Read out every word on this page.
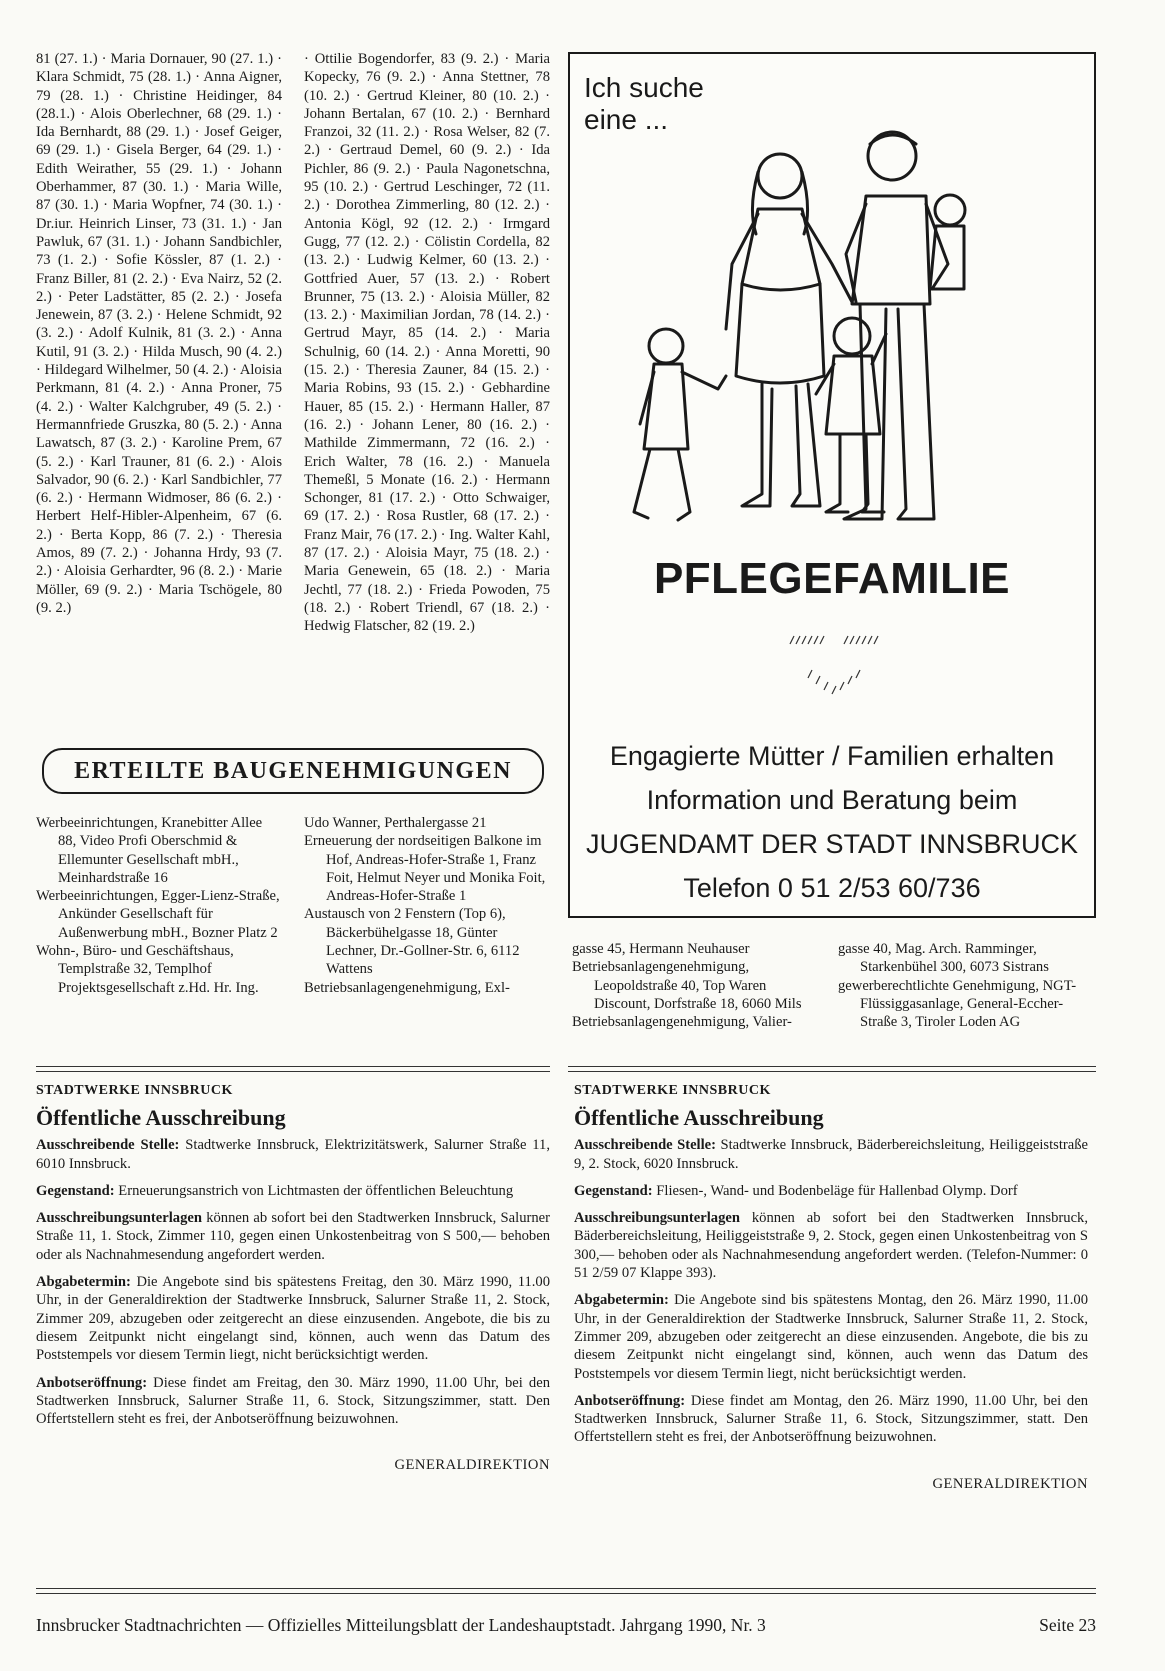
81 (27. 1.) · Maria Dornauer, 90 (27. 1.) · Klara Schmidt, 75 (28. 1.) · Anna Aigner, 79 (28. 1.) · Christine Heidinger, 84 (28.1.) · Alois Oberlechner, 68 (29. 1.) · Ida Bernhardt, 88 (29. 1.) · Josef Geiger, 69 (29. 1.) · Gisela Berger, 64 (29. 1.) · Edith Weirather, 55 (29. 1.) · Johann Oberhammer, 87 (30. 1.) · Maria Wille, 87 (30. 1.) · Maria Wopfner, 74 (30. 1.) · Dr.iur. Heinrich Linser, 73 (31. 1.) · Jan Pawluk, 67 (31. 1.) · Johann Sandbichler, 73 (1. 2.) · Sofie Kössler, 87 (1. 2.) · Franz Biller, 81 (2. 2.) · Eva Nairz, 52 (2. 2.) · Peter Ladstätter, 85 (2. 2.) · Josefa Jenewein, 87 (3. 2.) · Helene Schmidt, 92 (3. 2.) · Adolf Kulnik, 81 (3. 2.) · Anna Kutil, 91 (3. 2.) · Hilda Musch, 90 (4. 2.) · Hildegard Wilhelmer, 50 (4. 2.) · Aloisia Perkmann, 81 (4. 2.) · Anna Proner, 75 (4. 2.) · Walter Kalchgruber, 49 (5. 2.) · Hermannfriede Gruszka, 80 (5. 2.) · Anna Lawatsch, 87 (3. 2.) · Karoline Prem, 67 (5. 2.) · Karl Trauner, 81 (6. 2.) · Alois Salvador, 90 (6. 2.) · Karl Sandbichler, 77 (6. 2.) · Hermann Widmoser, 86 (6. 2.) · Herbert Helf-Hibler-Alpenheim, 67 (6. 2.) · Berta Kopp, 86 (7. 2.) · Theresia Amos, 89 (7. 2.) · Johanna Hrdy, 93 (7. 2.) · Aloisia Gerhardter, 96 (8. 2.) · Marie Möller, 69 (9. 2.) · Maria Tschögele, 80 (9. 2.)

· Ottilie Bogendorfer, 83 (9. 2.) · Maria Kopecky, 76 (9. 2.) · Anna Stettner, 78 (10. 2.) · Gertrud Kleiner, 80 (10. 2.) · Johann Bertalan, 67 (10. 2.) · Bernhard Franzoi, 32 (11. 2.) · Rosa Welser, 82 (7. 2.) · Gertraud Demel, 60 (9. 2.) · Ida Pichler, 86 (9. 2.) · Paula Nagonetschna, 95 (10. 2.) · Gertrud Leschinger, 72 (11. 2.) · Dorothea Zimmerling, 80 (12. 2.) · Antonia Kögl, 92 (12. 2.) · Irmgard Gugg, 77 (12. 2.) · Cölistin Cordella, 82 (13. 2.) · Ludwig Kelmer, 60 (13. 2.) · Gottfried Auer, 57 (13. 2.) · Robert Brunner, 75 (13. 2.) · Aloisia Müller, 82 (13. 2.) · Maximilian Jordan, 78 (14. 2.) · Gertrud Mayr, 85 (14. 2.) · Maria Schulnig, 60 (14. 2.) · Anna Moretti, 90 (15. 2.) · Theresia Zauner, 84 (15. 2.) · Maria Robins, 93 (15. 2.) · Gebhardine Hauer, 85 (15. 2.) · Hermann Haller, 87 (16. 2.) · Johann Lener, 80 (16. 2.) · Mathilde Zimmermann, 72 (16. 2.) · Erich Walter, 78 (16. 2.) · Manuela Themeßl, 5 Monate (16. 2.) · Hermann Schonger, 81 (17. 2.) · Otto Schwaiger, 69 (17. 2.) · Rosa Rustler, 68 (17. 2.) · Franz Mair, 76 (17. 2.) · Ing. Walter Kahl, 87 (17. 2.) · Aloisia Mayr, 75 (18. 2.) · Maria Genewein, 65 (18. 2.) · Maria Jechtl, 77 (18. 2.) · Frieda Powoden, 75 (18. 2.) · Robert Triendl, 67 (18. 2.) · Hedwig Flatscher, 82 (19. 2.)

Ich suche
eine ...
PFLEGEFAMILIE
Engagierte Mütter / Familien erhalten
Information und Beratung beim
JUGENDAMT DER STADT INNSBRUCK
Telefon 0 51 2/53 60/736
ERTEILTE BAUGENEHMIGUNGEN

Werbeeinrichtungen, Kranebitter Allee 88, Video Profi Oberschmid & Ellemunter Gesellschaft mbH., Meinhardstraße 16

Werbeeinrichtungen, Egger-Lienz-Straße, Ankünder Gesellschaft für Außenwerbung mbH., Bozner Platz 2

Wohn-, Büro- und Geschäftshaus, Templstraße 32, Templhof Projektsgesellschaft z.Hd. Hr. Ing.

Udo Wanner, Perthalergasse 21

Erneuerung der nordseitigen Balkone im Hof, Andreas-Hofer-Straße 1, Franz Foit, Helmut Neyer und Monika Foit, Andreas-Hofer-Straße 1

Austausch von 2 Fenstern (Top 6), Bäckerbühelgasse 18, Günter Lechner, Dr.-Gollner-Str. 6, 6112 Wattens

Betriebsanlagengenehmigung, Exl-

gasse 45, Hermann Neuhauser

Betriebsanlagengenehmigung, Leopoldstraße 40, Top Waren Discount, Dorfstraße 18, 6060 Mils

Betriebsanlagengenehmigung, Valier-

gasse 40, Mag. Arch. Ramminger, Starkenbühel 300, 6073 Sistrans

gewerberechtlichte Genehmigung, NGT-Flüssiggasanlage, General-Eccher-Straße 3, Tiroler Loden AG

STADTWERKE INNSBRUCK
Öffentliche Ausschreibung

Ausschreibende Stelle: Stadtwerke Innsbruck, Elektrizitätswerk, Salurner Straße 11, 6010 Innsbruck.

Gegenstand: Erneuerungsanstrich von Lichtmasten der öffentlichen Beleuchtung

Ausschreibungsunterlagen können ab sofort bei den Stadtwerken Innsbruck, Salurner Straße 11, 1. Stock, Zimmer 110, gegen einen Unkostenbeitrag von S 500,— behoben oder als Nachnahmesendung angefordert werden.

Abgabetermin: Die Angebote sind bis spätestens Freitag, den 30. März 1990, 11.00 Uhr, in der Generaldirektion der Stadtwerke Innsbruck, Salurner Straße 11, 2. Stock, Zimmer 209, abzugeben oder zeitgerecht an diese einzusenden. Angebote, die bis zu diesem Zeitpunkt nicht eingelangt sind, können, auch wenn das Datum des Poststempels vor diesem Termin liegt, nicht berücksichtigt werden.

Anbotseröffnung: Diese findet am Freitag, den 30. März 1990, 11.00 Uhr, bei den Stadtwerken Innsbruck, Salurner Straße 11, 6. Stock, Sitzungszimmer, statt. Den Offertstellern steht es frei, der Anbotseröffnung beizuwohnen.

GENERALDIREKTION
STADTWERKE INNSBRUCK
Öffentliche Ausschreibung

Ausschreibende Stelle: Stadtwerke Innsbruck, Bäderbereichsleitung, Heiliggeiststraße 9, 2. Stock, 6020 Innsbruck.

Gegenstand: Fliesen-, Wand- und Bodenbeläge für Hallenbad Olymp. Dorf

Ausschreibungsunterlagen können ab sofort bei den Stadtwerken Innsbruck, Bäderbereichsleitung, Heiliggeiststraße 9, 2. Stock, gegen einen Unkostenbeitrag von S 300,— behoben oder als Nachnahmesendung angefordert werden. (Telefon-Nummer: 0 51 2/59 07 Klappe 393).

Abgabetermin: Die Angebote sind bis spätestens Montag, den 26. März 1990, 11.00 Uhr, in der Generaldirektion der Stadtwerke Innsbruck, Salurner Straße 11, 2. Stock, Zimmer 209, abzugeben oder zeitgerecht an diese einzusenden. Angebote, die bis zu diesem Zeitpunkt nicht eingelangt sind, können, auch wenn das Datum des Poststempels vor diesem Termin liegt, nicht berücksichtigt werden.

Anbotseröffnung: Diese findet am Montag, den 26. März 1990, 11.00 Uhr, bei den Stadtwerken Innsbruck, Salurner Straße 11, 6. Stock, Sitzungszimmer, statt. Den Offertstellern steht es frei, der Anbotseröffnung beizuwohnen.

GENERALDIREKTION
Innsbrucker Stadtnachrichten — Offizielles Mitteilungsblatt der Landeshauptstadt. Jahrgang 1990, Nr. 3	Seite 23
